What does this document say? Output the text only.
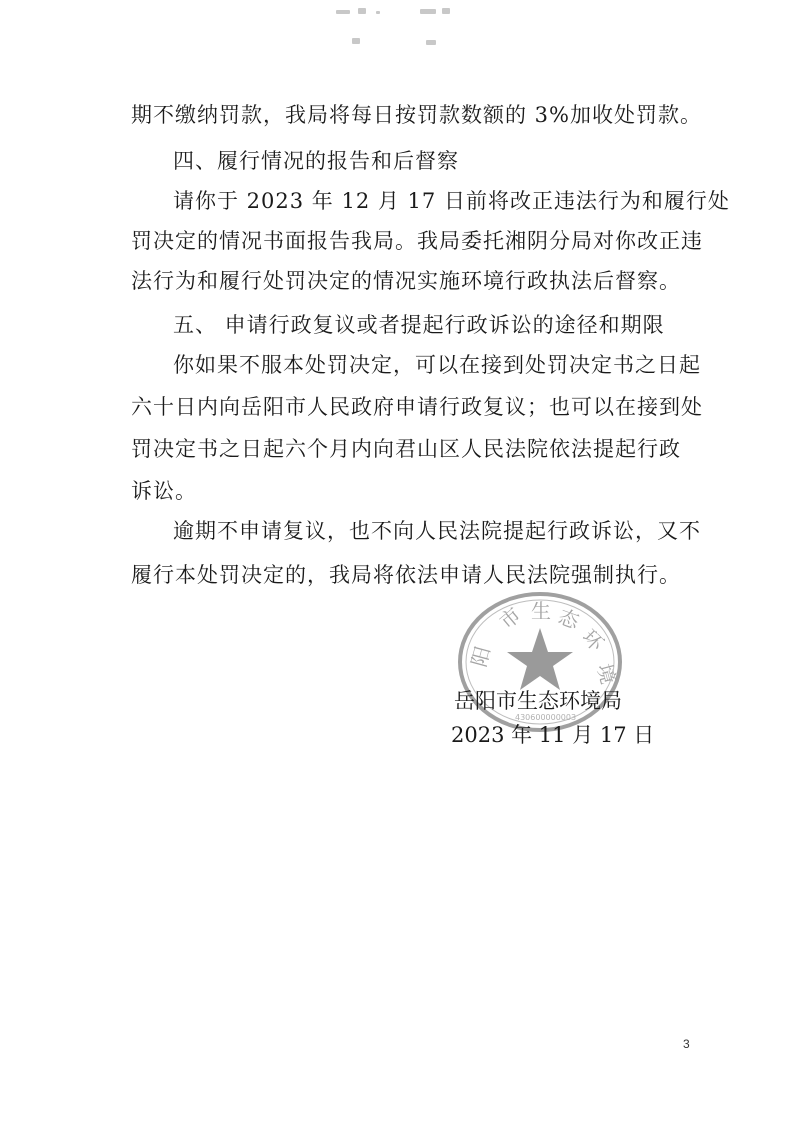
期不缴纳罚款，我局将每日按罚款数额的 3%加收处罚款。
四、履行情况的报告和后督察
请你于 2023 年 12 月 17 日前将改正违法行为和履行处
罚决定的情况书面报告我局。我局委托湘阴分局对你改正违
法行为和履行处罚决定的情况实施环境行政执法后督察。
五、 申请行政复议或者提起行政诉讼的途径和期限
你如果不服本处罚决定，可以在接到处罚决定书之日起
六十日内向岳阳市人民政府申请行政复议；也可以在接到处
罚决定书之日起六个月内向君山区人民法院依法提起行政
诉讼。
逾期不申请复议，也不向人民法院提起行政诉讼，又不
履行本处罚决定的，我局将依法申请人民法院强制执行。
阳
市 生 态
环
境
430600000003
岳阳市生态环境局
2023 年 11 月 17 日
3
